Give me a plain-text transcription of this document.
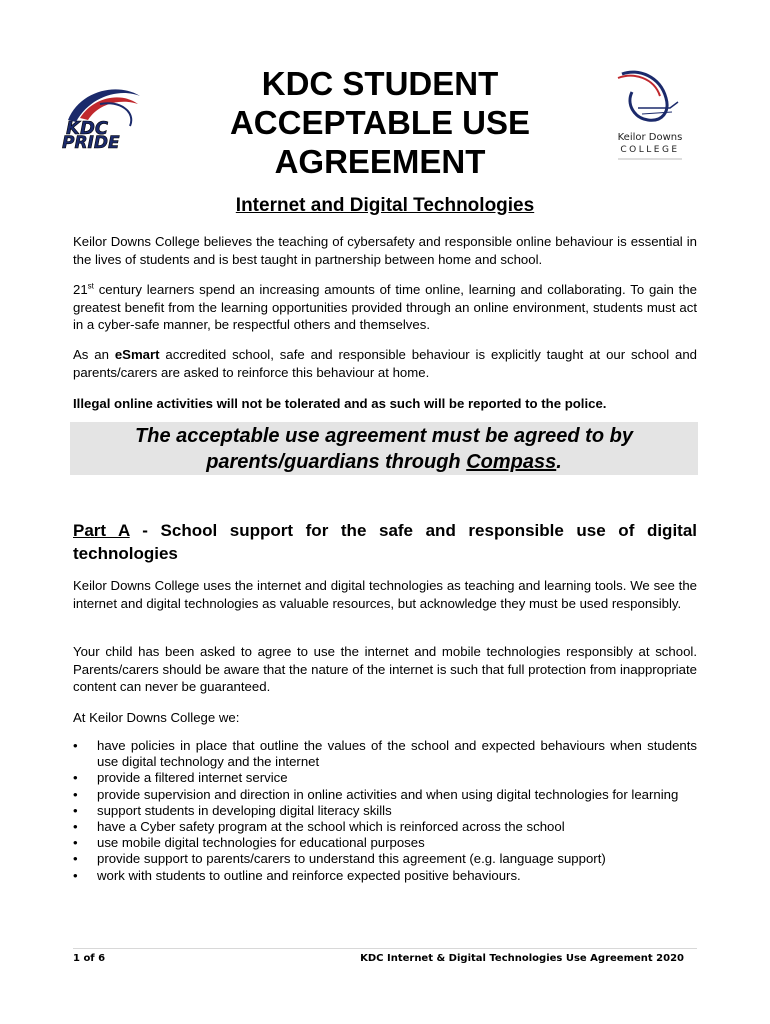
KDC
PRIDE
KDC STUDENT
ACCEPTABLE USE
AGREEMENT
Keilor Downs
COLLEGE
Internet and Digital Technologies

Keilor Downs College believes the teaching of cybersafety and responsible online behaviour is essential in the lives of students and is best taught in partnership between home and school.

21st century learners spend an increasing amounts of time online, learning and collaborating. To gain the greatest benefit from the learning opportunities provided through an online environment, students must act in a cyber-safe manner, be respectful others and themselves.

As an eSmart accredited school, safe and responsible behaviour is explicitly taught at our school and parents/carers are asked to reinforce this behaviour at home.

Illegal online activities will not be tolerated and as such will be reported to the police.

The acceptable use agreement must be agreed to by
parents/guardians through Compass.
Part A - School support for the safe and responsible use of digital technologies

Keilor Downs College uses the internet and digital technologies as teaching and learning tools. We see the internet and digital technologies as valuable resources, but acknowledge they must be used responsibly.

Your child has been asked to agree to use the internet and mobile technologies responsibly at school. Parents/carers should be aware that the nature of the internet is such that full protection from inappropriate content can never be guaranteed.

At Keilor Downs College we:

• have policies in place that outline the values of the school and expected behaviours when students use digital technology and the internet
• provide a filtered internet service
• provide supervision and direction in online activities and when using digital technologies for learning
• support students in developing digital literacy skills
• have a Cyber safety program at the school which is reinforced across the school
• use mobile digital technologies for educational purposes
• provide support to parents/carers to understand this agreement (e.g. language support)
• work with students to outline and reinforce expected positive behaviours.
1 of 6	KDC Internet & Digital Technologies Use Agreement 2020
